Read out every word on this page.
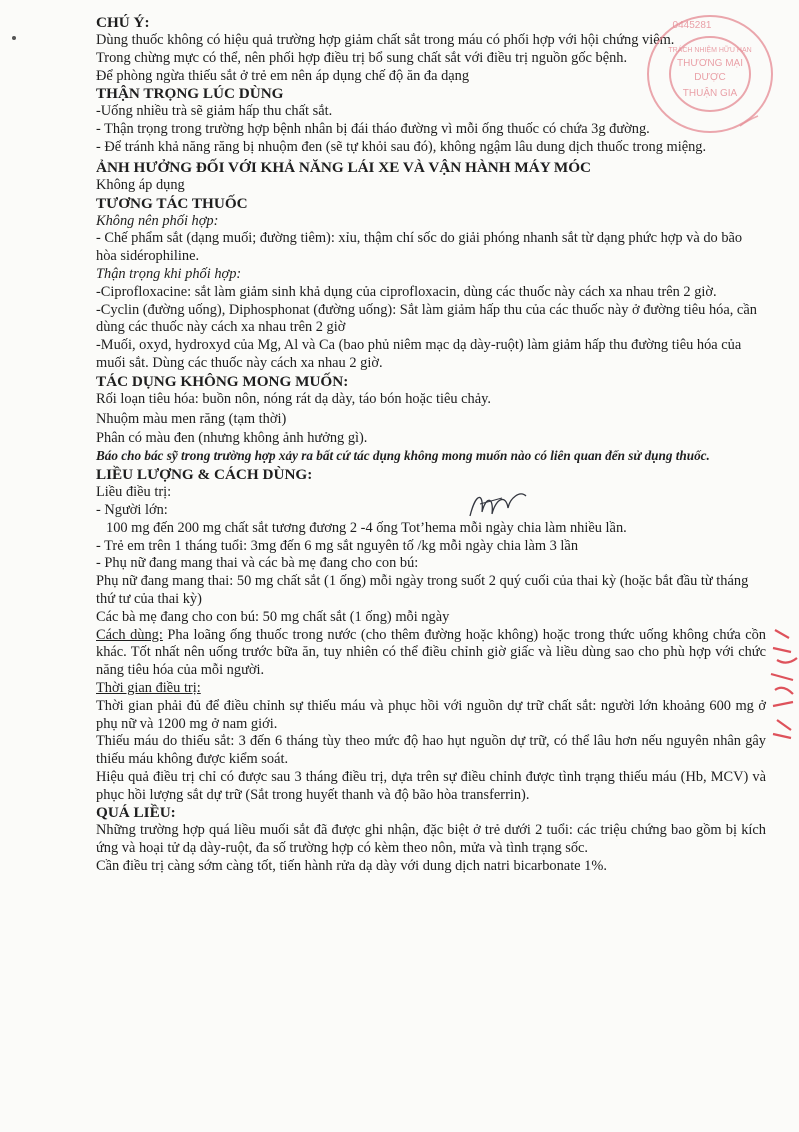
CHÚ Ý:

Dùng thuốc không có hiệu quả trường hợp giảm chất sắt trong máu có phối hợp với hội chứng viêm.

Trong chừng mực có thể, nên phối hợp điều trị bổ sung chất sắt với điều trị nguồn gốc bệnh.

Để phòng ngừa thiếu sắt ở trẻ em nên áp dụng chế độ ăn đa dạng

THẬN TRỌNG LÚC DÙNG

-Uống nhiều trà sẽ giảm hấp thu chất sắt.

- Thận trọng trong trường hợp bệnh nhân bị đái tháo đường vì mỗi ống thuốc có chứa 3g đường.

- Để tránh khả năng răng bị nhuộm đen (sẽ tự khỏi sau đó), không ngậm lâu dung dịch thuốc trong miệng.

ẢNH HƯỞNG ĐỐI VỚI KHẢ NĂNG LÁI XE VÀ VẬN HÀNH MÁY MÓC

Không áp dụng

TƯƠNG TÁC THUỐC

Không nên phối hợp:

- Chế phẩm sắt (dạng muối; đường tiêm): xỉu, thậm chí sốc do giải phóng nhanh sắt từ dạng phức hợp và do bão hòa sidérophiline.

Thận trọng khi phối hợp:

-Ciprofloxacine: sắt làm giảm sinh khả dụng của ciprofloxacin, dùng các thuốc này cách xa nhau trên 2 giờ.

-Cyclin (đường uống), Diphosphonat (đường uống): Sắt làm giảm hấp thu của các thuốc này ở đường tiêu hóa, cần dùng các thuốc này cách xa nhau trên 2 giờ

-Muối, oxyd, hydroxyd của Mg, Al và Ca (bao phủ niêm mạc dạ dày-ruột) làm giảm hấp thu đường tiêu hóa của muối sắt. Dùng các thuốc này cách xa nhau 2 giờ.

TÁC DỤNG KHÔNG MONG MUỐN:

Rối loạn tiêu hóa: buồn nôn, nóng rát dạ dày, táo bón hoặc tiêu chảy.

Nhuộm màu men răng (tạm thời)

Phân có màu đen (nhưng không ảnh hưởng gì).

Báo cho bác sỹ trong trường hợp xảy ra bất cứ tác dụng không mong muốn nào có liên quan đến sử dụng thuốc.

LIỀU LƯỢNG & CÁCH DÙNG:

Liều điều trị:

- Người lớn:

100 mg đến 200 mg chất sắt tương đương 2 -4 ống Tot’hema mỗi ngày chia làm nhiều lần.

- Trẻ em trên 1 tháng tuổi: 3mg đến 6 mg sắt nguyên tố /kg mỗi ngày chia làm 3 lần

- Phụ nữ đang mang thai và các bà mẹ đang cho con bú:

Phụ nữ đang mang thai: 50 mg chất sắt (1 ống) mỗi ngày trong suốt 2 quý cuối của thai kỳ (hoặc bắt đầu từ tháng thứ tư của thai kỳ)

Các bà mẹ đang cho con bú: 50 mg chất sắt (1 ống) mỗi ngày

Cách dùng: Pha loãng ống thuốc trong nước (cho thêm đường hoặc không) hoặc trong thức uống không chứa cồn khác. Tốt nhất nên uống trước bữa ăn, tuy nhiên có thể điều chỉnh giờ giấc và liều dùng sao cho phù hợp với chức năng tiêu hóa của mỗi người.

Thời gian điều trị:

Thời gian phải đủ để điều chỉnh sự thiếu máu và phục hồi với nguồn dự trữ chất sắt: người lớn khoảng 600 mg ở phụ nữ và 1200 mg ở nam giới.

Thiếu máu do thiếu sắt: 3 đến 6 tháng tùy theo mức độ hao hụt nguồn dự trữ, có thể lâu hơn nếu nguyên nhân gây thiếu máu không được kiểm soát.

Hiệu quả điều trị chỉ có được sau 3 tháng điều trị, dựa trên sự điều chỉnh được tình trạng thiếu máu (Hb, MCV) và phục hồi lượng sắt dự trữ (Sắt trong huyết thanh và độ bão hòa transferrin).

QUÁ LIỀU:

Những trường hợp quá liều muối sắt đã được ghi nhận, đặc biệt ở trẻ dưới 2 tuổi: các triệu chứng bao gồm bị kích ứng và hoại tử dạ dày-ruột, đa số trường hợp có kèm theo nôn, mửa và tình trạng sốc.

Cần điều trị càng sớm càng tốt, tiến hành rửa dạ dày với dung dịch natri bicarbonate 1%.

0445281
TRÁCH NHIỆM HỮU HẠN
THƯƠNG MẠI
DƯỢC
THUẬN GIA
